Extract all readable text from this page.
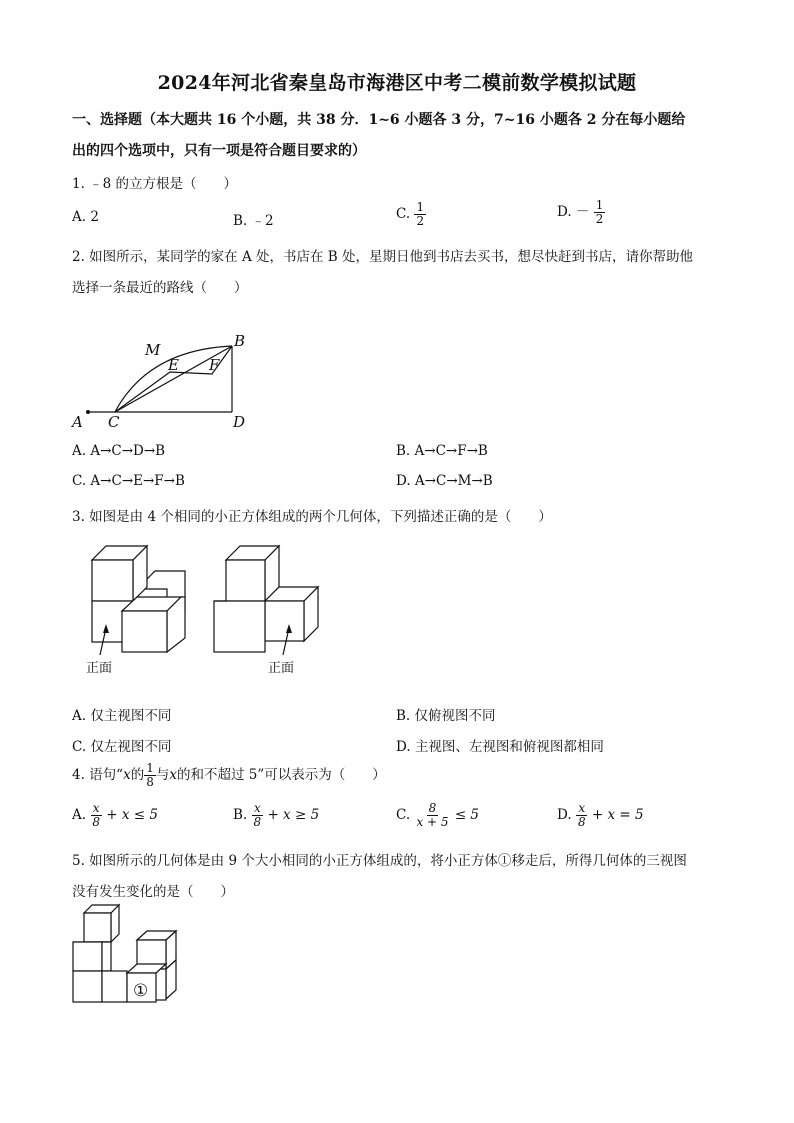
2024年河北省秦皇岛市海港区中考二模前数学模拟试题
一、选择题（本大题共 16 个小题，共 38 分．1~6 小题各 3 分，7~16 小题各 2 分在每小题给
出的四个选项中，只有一项是符合题目要求的）
1. ﹣8 的立方根是（　　）
A. 2	B. ﹣2	C. $\frac{1}{2}$	D. － $\frac{1}{2}$
2. 如图所示，某同学的家在 A 处，书店在 B 处，星期日他到书店去买书，想尽快赶到书店，请你帮助他
选择一条最近的路线（　　）
A C	D
B
M
E F
A. A→C→D→B	B. A→C→F→B
C. A→C→E→F→B	D. A→C→M→B
3. 如图是由 4 个相同的小正方体组成的两个几何体，下列描述正确的是（　　）
正面	正面
A. 仅主视图不同	B. 仅俯视图不同
C. 仅左视图不同	D. 主视图、左视图和俯视图都相同
4. 语句“x的 $\frac{1}{8}$ 与x的和不超过 5”可以表示为（　　）
A. $\frac{x}{8} + x \le 5$	B. $\frac{x}{8} + x \ge 5$	C. $\frac{8}{x + 5} \le 5$	D. $\frac{x}{8} + x = 5$
5. 如图所示的几何体是由 9 个大小相同的小正方体组成的，将小正方体①移走后，所得几何体的三视图
没有发生变化的是（　　）
①
